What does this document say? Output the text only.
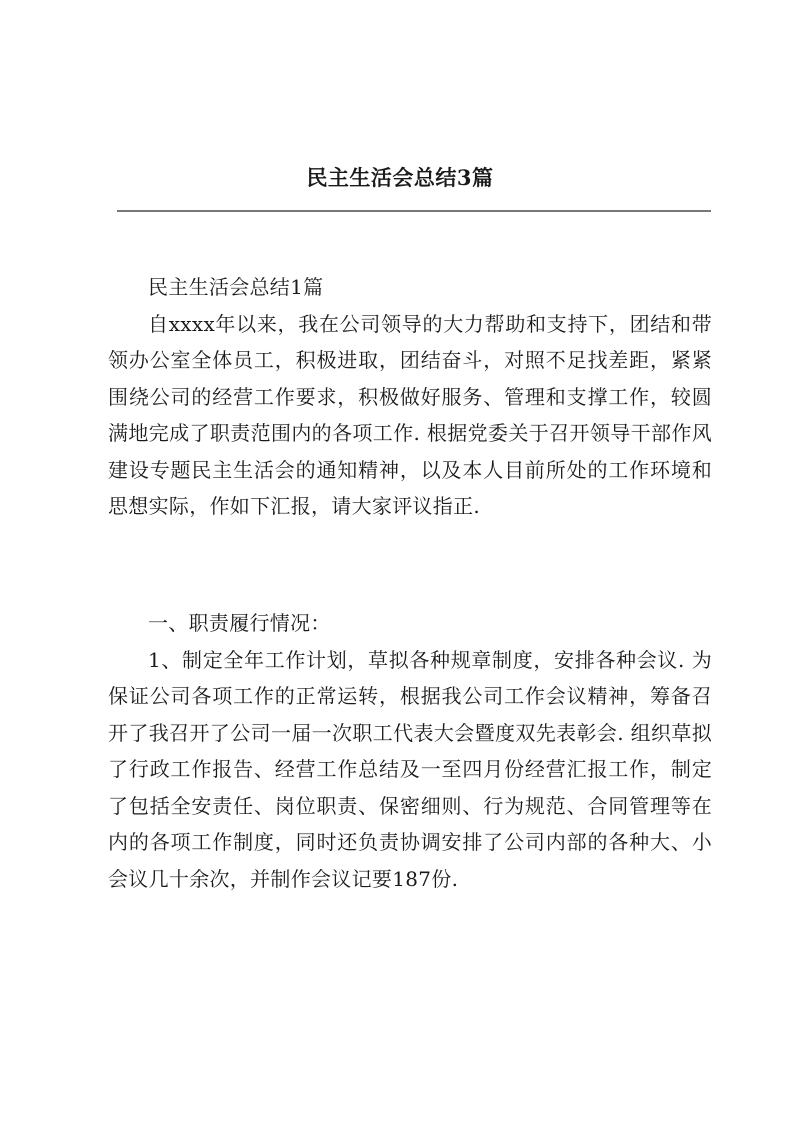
民主生活会总结3篇

民主生活会总结1篇

自xxxx年以来，我在公司领导的大力帮助和支持下，团结和带领办公室全体员工，积极进取，团结奋斗，对照不足找差距，紧紧围绕公司的经营工作要求，积极做好服务、管理和支撑工作，较圆满地完成了职责范围内的各项工作. 根据党委关于召开领导干部作风建设专题民主生活会的通知精神，以及本人目前所处的工作环境和思想实际，作如下汇报，请大家评议指正.

一、职责履行情况：

1、制定全年工作计划，草拟各种规章制度，安排各种会议. 为保证公司各项工作的正常运转，根据我公司工作会议精神，筹备召开了我召开了公司一届一次职工代表大会暨度双先表彰会. 组织草拟了行政工作报告、经营工作总结及一至四月份经营汇报工作，制定了包括全安责任、岗位职责、保密细则、行为规范、合同管理等在内的各项工作制度，同时还负责协调安排了公司内部的各种大、小会议几十余次，并制作会议记要187份.
